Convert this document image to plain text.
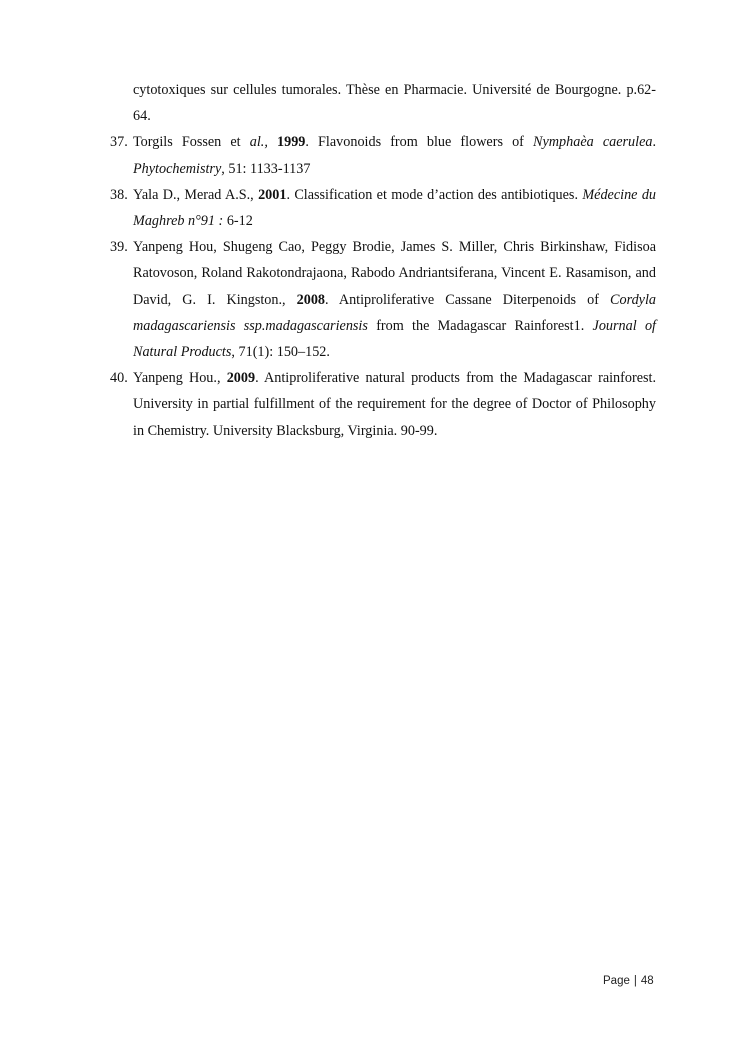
cytotoxiques sur cellules tumorales. Thèse en Pharmacie. Université de Bourgogne. p.62-64.
37. Torgils Fossen et al., 1999. Flavonoids from blue flowers of Nymphaèa caerulea. Phytochemistry, 51: 1133-1137
38. Yala D., Merad A.S., 2001. Classification et mode d’action des antibiotiques. Médecine du Maghreb n°91 : 6-12
39. Yanpeng Hou, Shugeng Cao, Peggy Brodie, James S. Miller, Chris Birkinshaw, Fidisoa Ratovoson, Roland Rakotondrajaona, Rabodo Andriantsiferana, Vincent E. Rasamison, and David, G. I. Kingston., 2008. Antiproliferative Cassane Diterpenoids of Cordyla madagascariensis ssp.madagascariensis from the Madagascar Rainforest1. Journal of Natural Products, 71(1): 150–152.
40. Yanpeng Hou., 2009. Antiproliferative natural products from the Madagascar rainforest. University in partial fulfillment of the requirement for the degree of Doctor of Philosophy in Chemistry. University Blacksburg, Virginia. 90-99.
Page | 48
